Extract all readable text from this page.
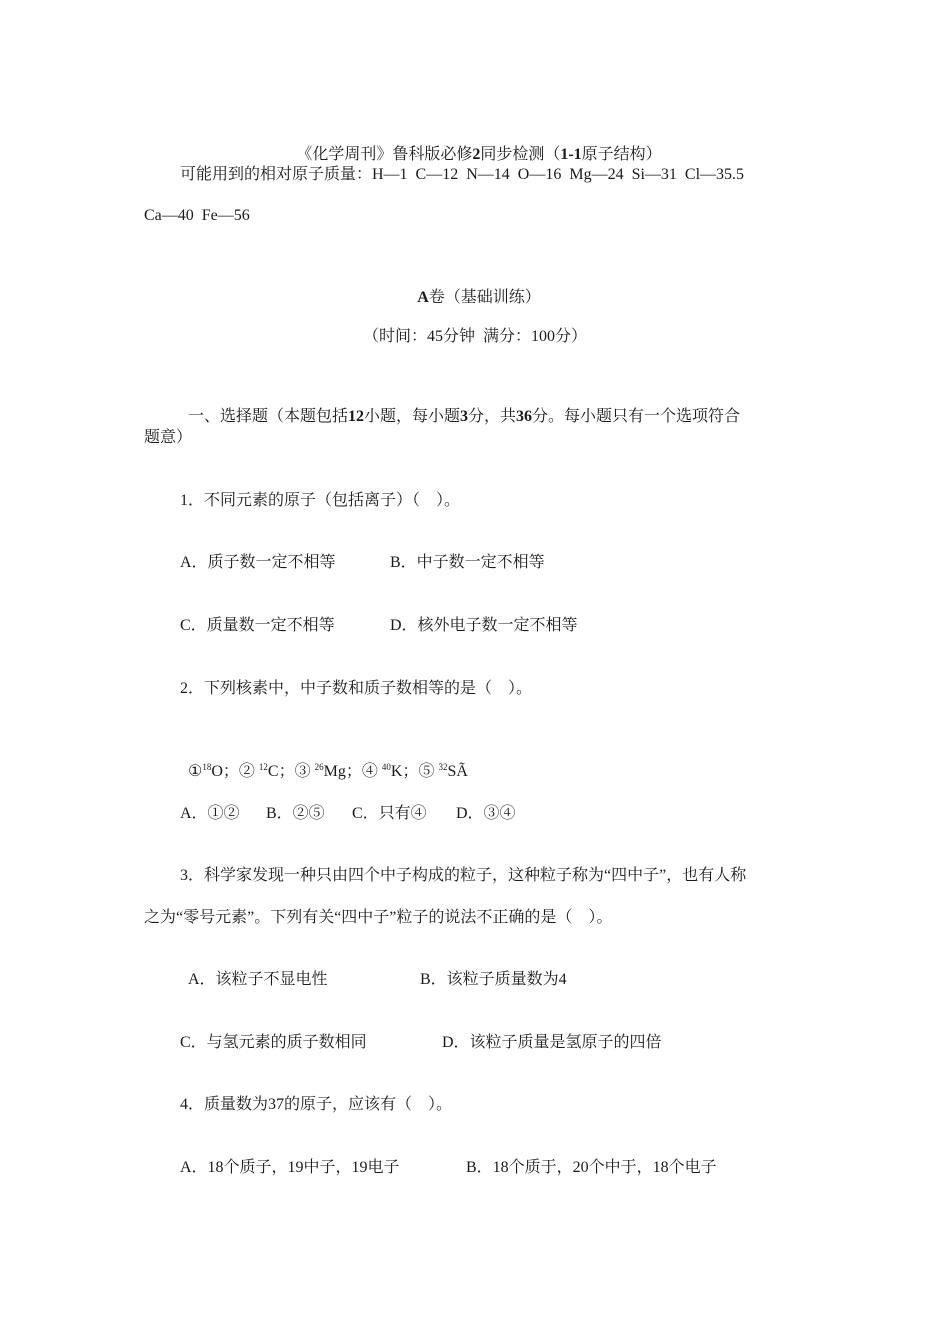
《化学周刊》鲁科版必修2同步检测（1-1原子结构）

可能用到的相对原子质量：H—1  C—12  N—14  O—16  Mg—24  Si—31  Cl—35.5
Ca—40  Fe—56

A卷（基础训练）

（时间：45分钟  满分：100分）

一、选择题（本题包括12小题，每小题3分，共36分。每小题只有一个选项符合

题意）
1．不同元素的原子（包括离子）（    ）。
A．质子数一定不相等	B．中子数一定不相等
C．质量数一定不相等	D．核外电子数一定不相等
2．下列核素中，中子数和质子数相等的是（    ）。

①$^{18}$O；② $^{12}$C；③ $^{26}$Mg；④ $^{40}$K；⑤ $^{32}$SÃ

A．①② B．②⑤ C．只有④ D．③④
3．科学家发现一种只由四个中子构成的粒子，这种粒子称为“四中子”，也有人称
之为“零号元素”。下列有关“四中子”粒子的说法不正确的是（    ）。
A．该粒子不显电性	B．该粒子质量数为4
C．与氢元素的质子数相同	D．该粒子质量是氢原子的四倍
4．质量数为37的原子，应该有（    ）。
A．18个质子，19中子，19电子	B．18个质于，20个中于，18个电子
